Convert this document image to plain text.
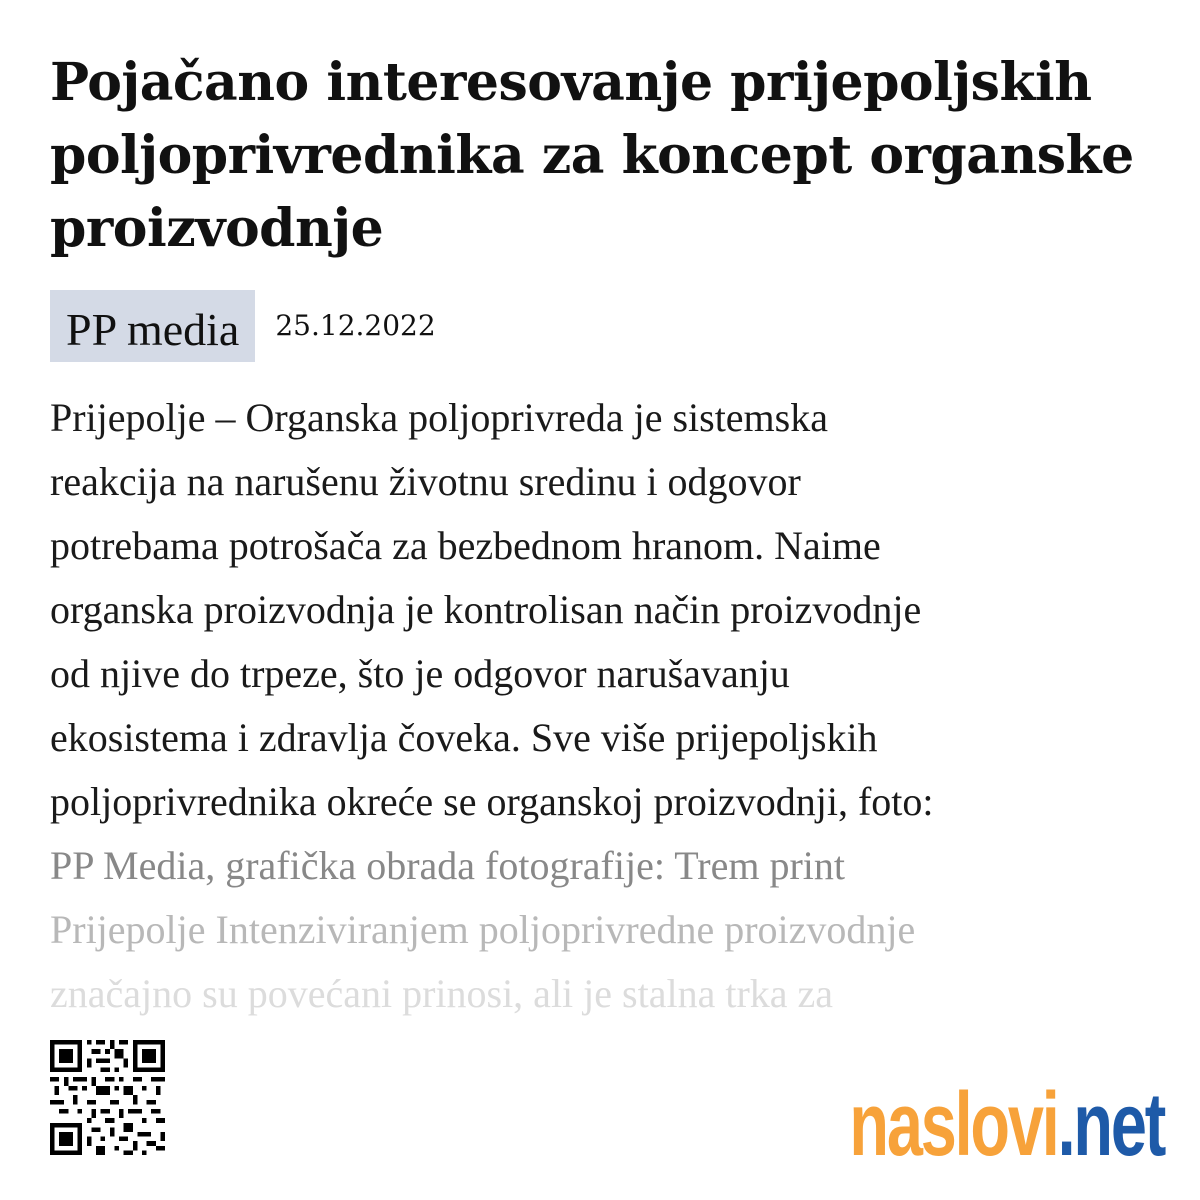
Pojačano interesovanje prijepoljskih poljoprivrednika za koncept organske proizvodnje
PP media	25.12.2022
Prijepolje – Organska poljoprivreda je sistemska
reakcija na narušenu životnu sredinu i odgovor
potrebama potrošača za bezbednom hranom. Naime
organska proizvodnja je kontrolisan način proizvodnje
od njive do trpeze, što je odgovor narušavanju
ekosistema i zdravlja čoveka. Sve više prijepoljskih
poljoprivrednika okreće se organskoj proizvodnji, foto:
PP Media, grafička obrada fotografije: Trem print
Prijepolje Intenziviranjem poljoprivredne proizvodnje
značajno su povećani prinosi, ali je stalna trka za
naslovi .net
